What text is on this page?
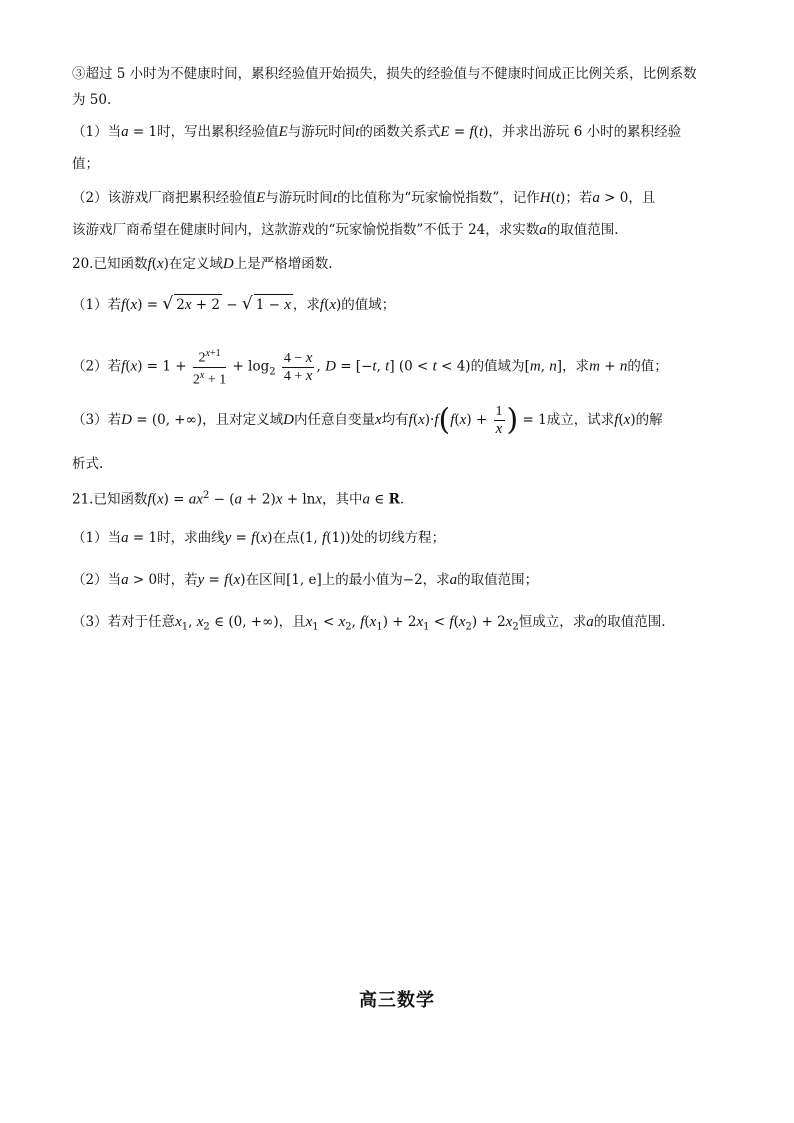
③超过 5 小时为不健康时间，累积经验值开始损失，损失的经验值与不健康时间成正比例关系，比例系数
为 50.
（1）当a = 1时，写出累积经验值E与游玩时间t的函数关系式E = f(t)，并求出游玩 6 小时的累积经验
值；
（2）该游戏厂商把累积经验值E与游玩时间t的比值称为“玩家愉悦指数”，记作H(t)；若a > 0，且
该游戏厂商希望在健康时间内，这款游戏的“玩家愉悦指数”不低于 24，求实数a的取值范围.
20.已知函数f(x)在定义域D上是严格增函数.
（1）若f(x) = √ 2x + 2 − √ 1 − x ，求f(x)的值域；
（2）若$f(x) = 1 + \frac{2^{x+1}}{2^x + 1} + \log_2 \frac{4 - x}{4 + x}$ , D = [−t, t] (0 < t < 4)的值域为[m, n]，求m + n的值；
（3）若D = (0, +∞)，且对定义域D内任意自变量x均有$f(x)\cdot f(f(x) + \frac{1}{x}$ ) = 1成立，试求f(x)的解
析式.
21.已知函数$f(x) = ax^2 - (a + 2)x + \ln x$，其中a ∈ R.
（1）当a = 1时，求曲线y = f(x)在点(1, f(1))处的切线方程；
（2）当a > 0时，若y = f(x)在区间[1, e]上的最小值为−2，求a的取值范围；
（3）若对于任意$x_1$, $x_2$ ∈ (0, +∞)，且$x_1 < x_2$, $f(x_1) + 2x_1 < f(x_2) + 2x_2$恒成立，求a的取值范围.
高三数学
